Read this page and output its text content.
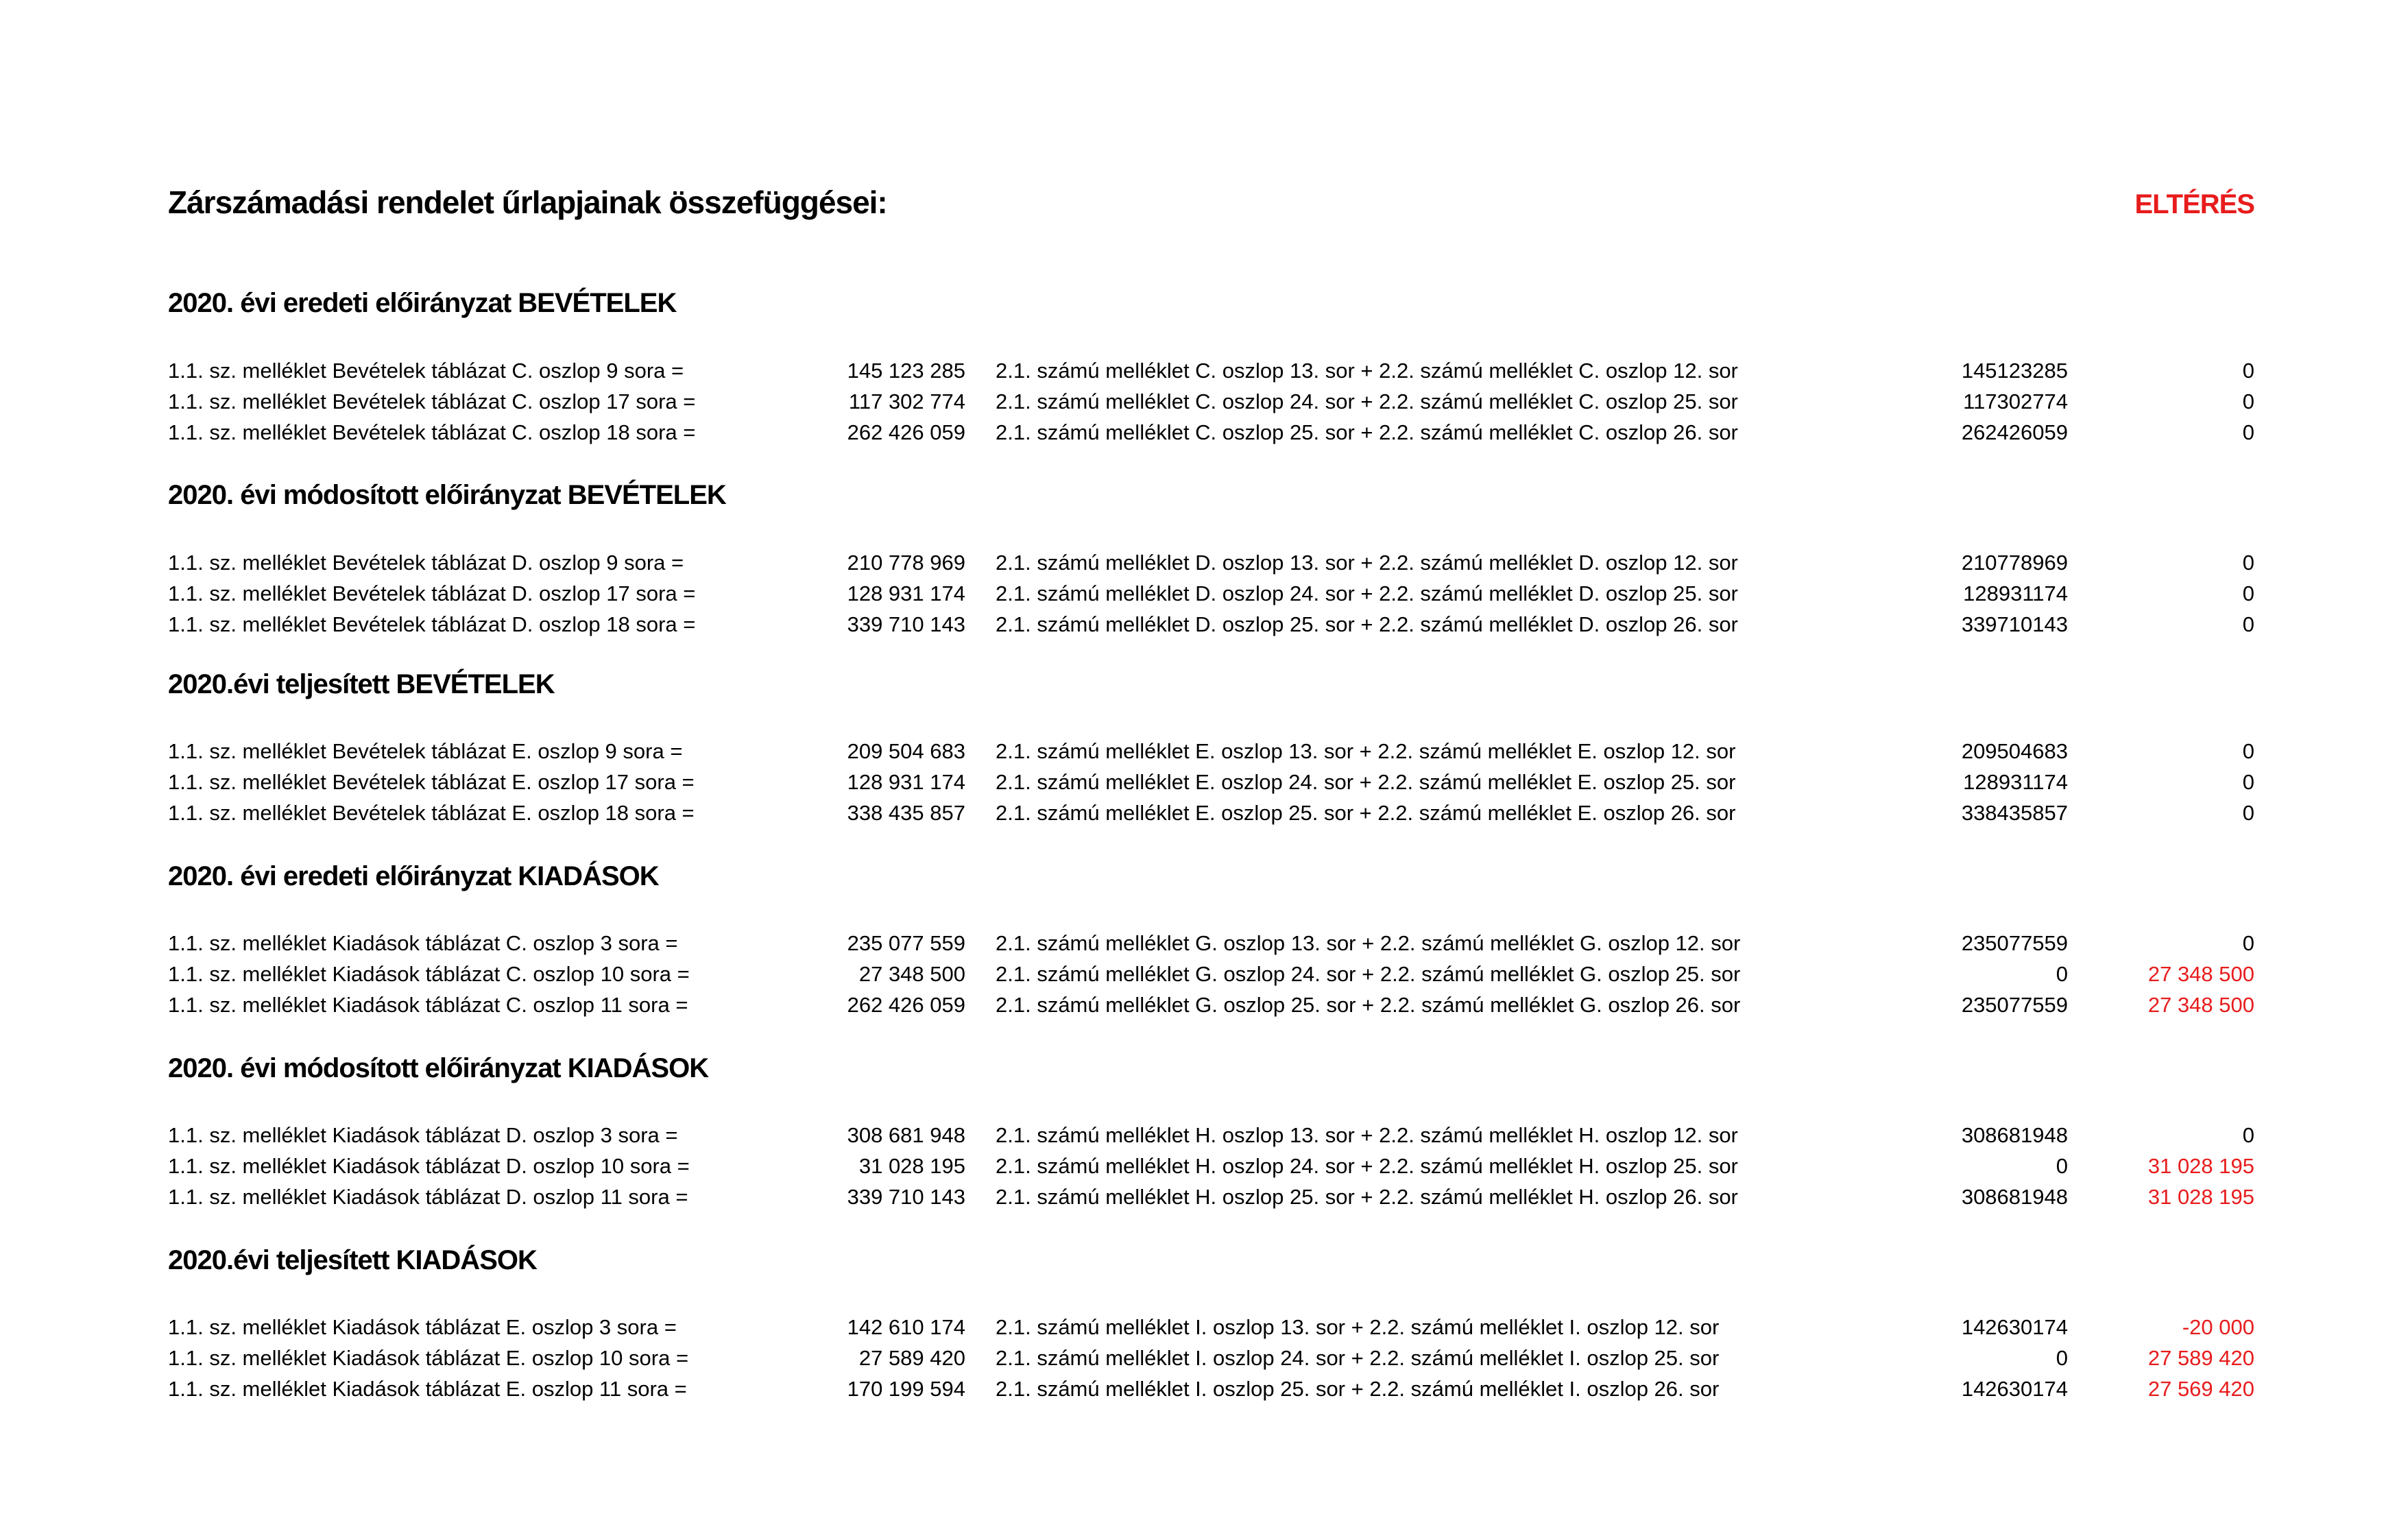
Zárszámadási rendelet űrlapjainak összefüggései:	ELTÉRÉS
2020. évi eredeti előirányzat BEVÉTELEK
1.1. sz. melléklet Bevételek táblázat C. oszlop 9 sora =	145 123 285 2.1. számú melléklet C. oszlop 13. sor + 2.2. számú melléklet C. oszlop 12. sor	145123285	0
1.1. sz. melléklet Bevételek táblázat C. oszlop 17 sora =	117 302 774 2.1. számú melléklet C. oszlop 24. sor + 2.2. számú melléklet C. oszlop 25. sor	117302774	0
1.1. sz. melléklet Bevételek táblázat C. oszlop 18 sora =	262 426 059 2.1. számú melléklet C. oszlop 25. sor + 2.2. számú melléklet C. oszlop 26. sor	262426059	0
2020. évi módosított előirányzat BEVÉTELEK
1.1. sz. melléklet Bevételek táblázat D. oszlop 9 sora =	210 778 969 2.1. számú melléklet D. oszlop 13. sor + 2.2. számú melléklet D. oszlop 12. sor	210778969	0
1.1. sz. melléklet Bevételek táblázat D. oszlop 17 sora =	128 931 174 2.1. számú melléklet D. oszlop 24. sor + 2.2. számú melléklet D. oszlop 25. sor	128931174	0
1.1. sz. melléklet Bevételek táblázat D. oszlop 18 sora =	339 710 143 2.1. számú melléklet D. oszlop 25. sor + 2.2. számú melléklet D. oszlop 26. sor	339710143	0
2020.évi teljesített BEVÉTELEK
1.1. sz. melléklet Bevételek táblázat E. oszlop 9 sora =	209 504 683 2.1. számú melléklet E. oszlop 13. sor + 2.2. számú melléklet E. oszlop 12. sor	209504683	0
1.1. sz. melléklet Bevételek táblázat E. oszlop 17 sora =	128 931 174 2.1. számú melléklet E. oszlop 24. sor + 2.2. számú melléklet E. oszlop 25. sor	128931174	0
1.1. sz. melléklet Bevételek táblázat E. oszlop 18 sora =	338 435 857 2.1. számú melléklet E. oszlop 25. sor + 2.2. számú melléklet E. oszlop 26. sor	338435857	0
2020. évi eredeti előirányzat KIADÁSOK
1.1. sz. melléklet Kiadások táblázat C. oszlop 3 sora =	235 077 559 2.1. számú melléklet G. oszlop 13. sor + 2.2. számú melléklet G. oszlop 12. sor	235077559	0
1.1. sz. melléklet Kiadások táblázat C. oszlop 10 sora =	27 348 500 2.1. számú melléklet G. oszlop 24. sor + 2.2. számú melléklet G. oszlop 25. sor	0	27 348 500
1.1. sz. melléklet Kiadások táblázat C. oszlop 11 sora =	262 426 059 2.1. számú melléklet G. oszlop 25. sor + 2.2. számú melléklet G. oszlop 26. sor	235077559	27 348 500
2020. évi módosított előirányzat KIADÁSOK
1.1. sz. melléklet Kiadások táblázat D. oszlop 3 sora =	308 681 948 2.1. számú melléklet H. oszlop 13. sor + 2.2. számú melléklet H. oszlop 12. sor	308681948	0
1.1. sz. melléklet Kiadások táblázat D. oszlop 10 sora =	31 028 195 2.1. számú melléklet H. oszlop 24. sor + 2.2. számú melléklet H. oszlop 25. sor	0	31 028 195
1.1. sz. melléklet Kiadások táblázat D. oszlop 11 sora =	339 710 143 2.1. számú melléklet H. oszlop 25. sor + 2.2. számú melléklet H. oszlop 26. sor	308681948	31 028 195
2020.évi teljesített KIADÁSOK
1.1. sz. melléklet Kiadások táblázat E. oszlop 3 sora =	142 610 174 2.1. számú melléklet I. oszlop 13. sor + 2.2. számú melléklet I. oszlop 12. sor	142630174	-20 000
1.1. sz. melléklet Kiadások táblázat E. oszlop 10 sora =	27 589 420 2.1. számú melléklet I. oszlop 24. sor + 2.2. számú melléklet I. oszlop 25. sor	0	27 589 420
1.1. sz. melléklet Kiadások táblázat E. oszlop 11 sora =	170 199 594 2.1. számú melléklet I. oszlop 25. sor + 2.2. számú melléklet I. oszlop 26. sor	142630174	27 569 420
